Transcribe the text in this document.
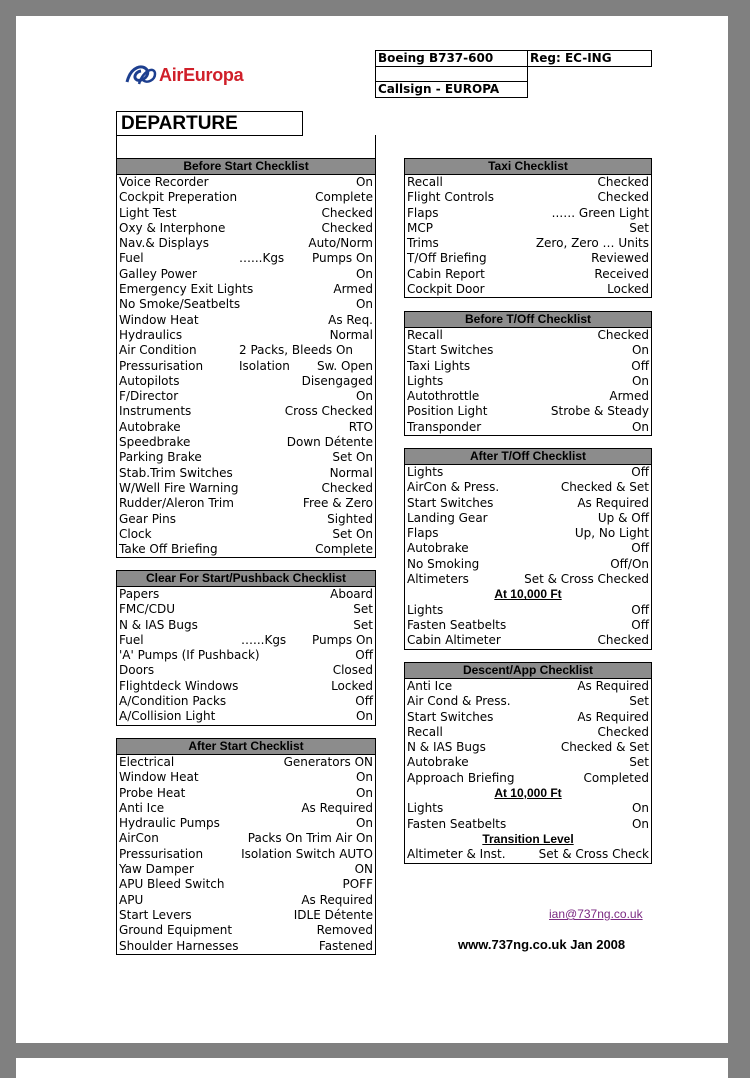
AirEuropa
Boeing B737-600	Reg: EC-ING
Callsign - EUROPA
DEPARTURE
Before Start Checklist
Voice Recorder	On
Cockpit Preperation	Complete
Light Test	Checked
Oxy & Interphone	Checked
Nav.& Displays	Auto/Norm
Fuel	…...Kgs Pumps On
Galley Power	On
Emergency Exit Lights	Armed
No Smoke/Seatbelts	On
Window Heat	As Req.
Hydraulics	Normal
Air Condition	2 Packs, Bleeds On
Pressurisation	Isolation Sw. Open
Autopilots	Disengaged
F/Director	On
Instruments	Cross Checked
Autobrake	RTO
Speedbrake	Down Détente
Parking Brake	Set On
Stab.Trim Switches	Normal
W/Well Fire Warning	Checked
Rudder/Aleron Trim	Free & Zero
Gear Pins	Sighted
Clock	Set On
Take Off Briefing	Complete
Clear For Start/Pushback Checklist
Papers	Aboard
FMC/CDU	Set
N & IAS Bugs	Set
Fuel	…...Kgs Pumps On
'A' Pumps (If Pushback)	Off
Doors	Closed
Flightdeck Windows	Locked
A/Condition Packs	Off
A/Collision Light	On
After Start Checklist
Electrical	Generators ON
Window Heat	On
Probe Heat	On
Anti Ice	As Required
Hydraulic Pumps	On
AirCon	Packs On Trim Air On
Pressurisation	Isolation Switch AUTO
Yaw Damper	ON
APU Bleed Switch	POFF
APU	As Required
Start Levers	IDLE Détente
Ground Equipment	Removed
Shoulder Harnesses	Fastened
Taxi Checklist
Recall	Checked
Flight Controls	Checked
Flaps	..…. Green Light
MCP	Set
Trims	Zero, Zero … Units
T/Off Briefing	Reviewed
Cabin Report	Received
Cockpit Door	Locked
Before T/Off Checklist
Recall	Checked
Start Switches	On
Taxi Lights	Off
Lights	On
Autothrottle	Armed
Position Light	Strobe & Steady
Transponder	On
After T/Off Checklist
Lights	Off
AirCon & Press.	Checked & Set
Start Switches	As Required
Landing Gear	Up & Off
Flaps	Up, No Light
Autobrake	Off
No Smoking	Off/On
Altimeters	Set & Cross Checked
At 10,000 Ft
Lights	Off
Fasten Seatbelts	Off
Cabin Altimeter	Checked
Descent/App Checklist
Anti Ice	As Required
Air Cond & Press.	Set
Start Switches	As Required
Recall	Checked
N & IAS Bugs	Checked & Set
Autobrake	Set
Approach Briefing	Completed
At 10,000 Ft
Lights	On
Fasten Seatbelts	On
Transition Level
Altimeter & Inst.	Set & Cross Check
ian@737ng.co.uk
www.737ng.co.uk Jan 2008
